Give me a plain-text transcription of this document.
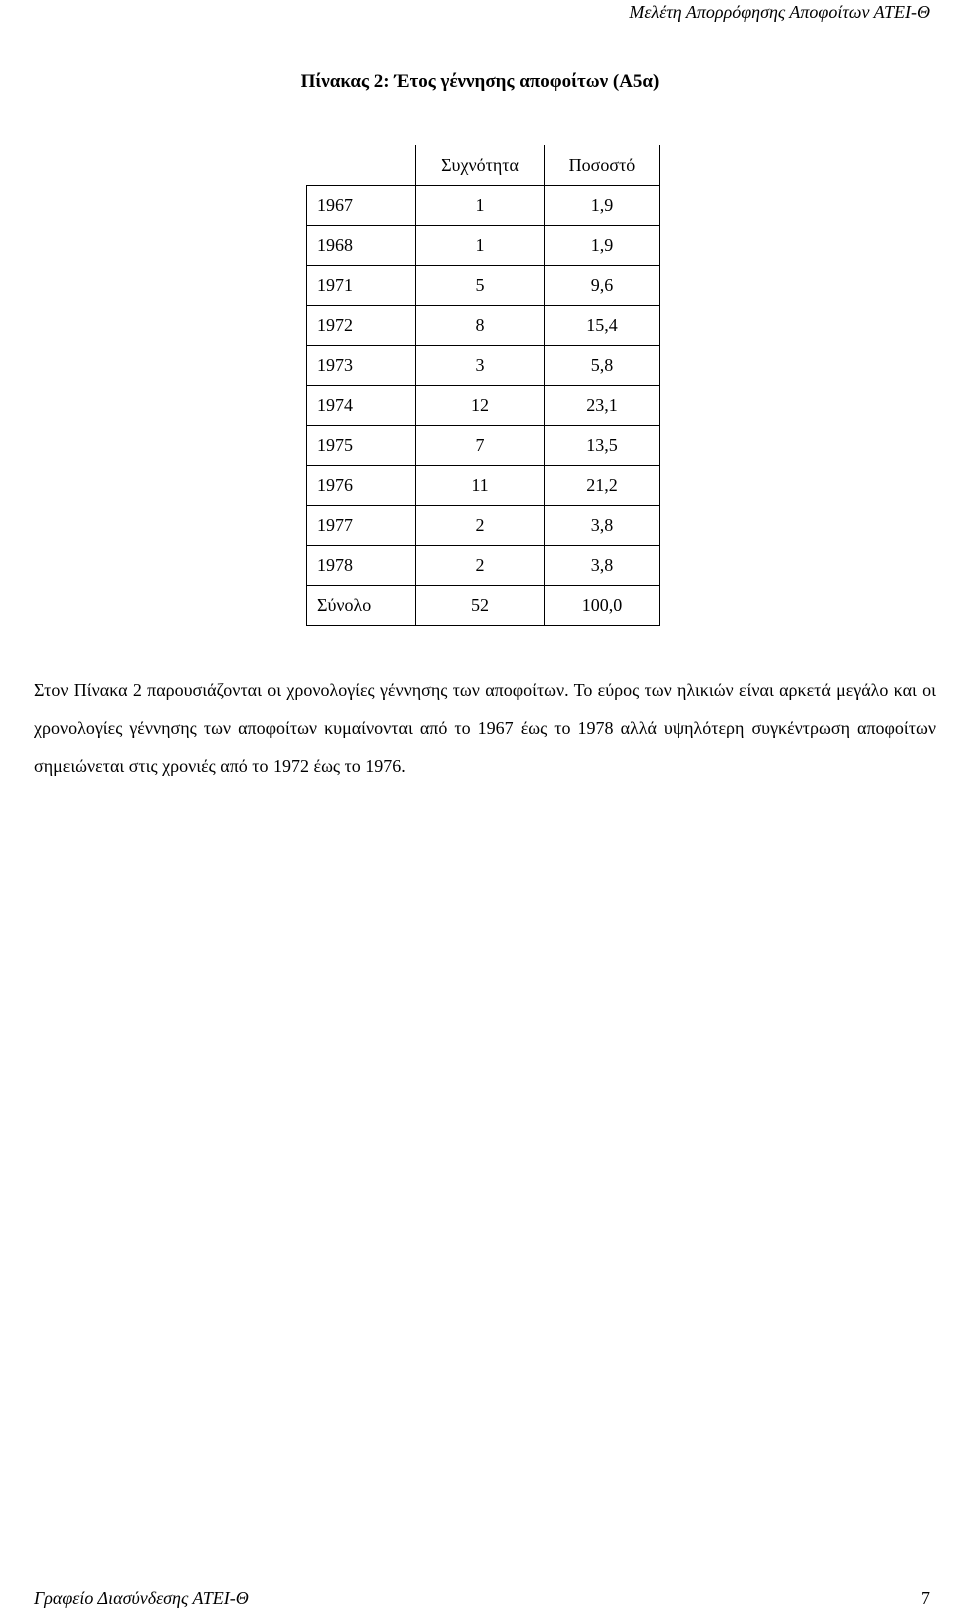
Μελέτη Απορρόφησης Αποφοίτων ΑΤΕΙ-Θ
Πίνακας 2: Έτος γέννησης αποφοίτων (Α5α)
	Συχνότητα	Ποσοστό
1967	1	1,9
1968	1	1,9
1971	5	9,6
1972	8	15,4
1973	3	5,8
1974	12	23,1
1975	7	13,5
1976	11	21,2
1977	2	3,8
1978	2	3,8
Σύνολο	52	100,0
Στον Πίνακα 2 παρουσιάζονται οι χρονολογίες γέννησης των αποφοίτων. Το εύρος των ηλικιών είναι αρκετά μεγάλο και οι χρονολογίες γέννησης των αποφοίτων κυμαίνονται από το 1967 έως το 1978 αλλά υψηλότερη συγκέντρωση αποφοίτων σημειώνεται στις χρονιές από το 1972 έως το 1976.
Γραφείο Διασύνδεσης ΑΤΕΙ-Θ	7
